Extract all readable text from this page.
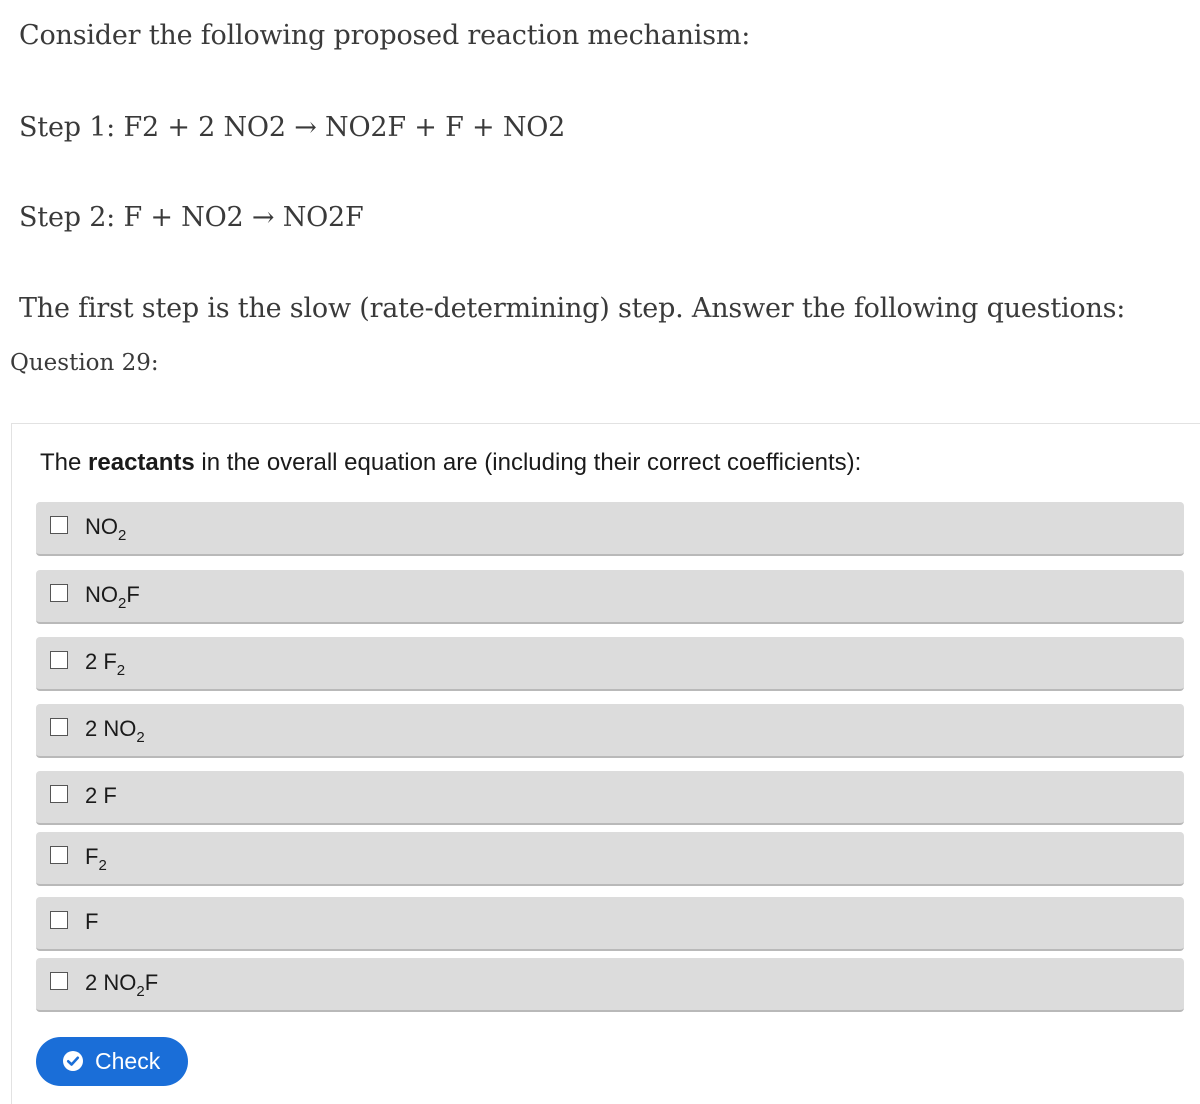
Consider the following proposed reaction mechanism:
Step 1: F2 + 2 NO2 → NO2F + F + NO2
Step 2: F + NO2 → NO2F
The first step is the slow (rate-determining) step. Answer the following questions:
Question 29:
The reactants in the overall equation are (including their correct coefficients):
$NO_2$
$NO_2F$
2 $F_2$
2 $NO_2$
2 F
$F_2$
F
2 $NO_2F$
Check
